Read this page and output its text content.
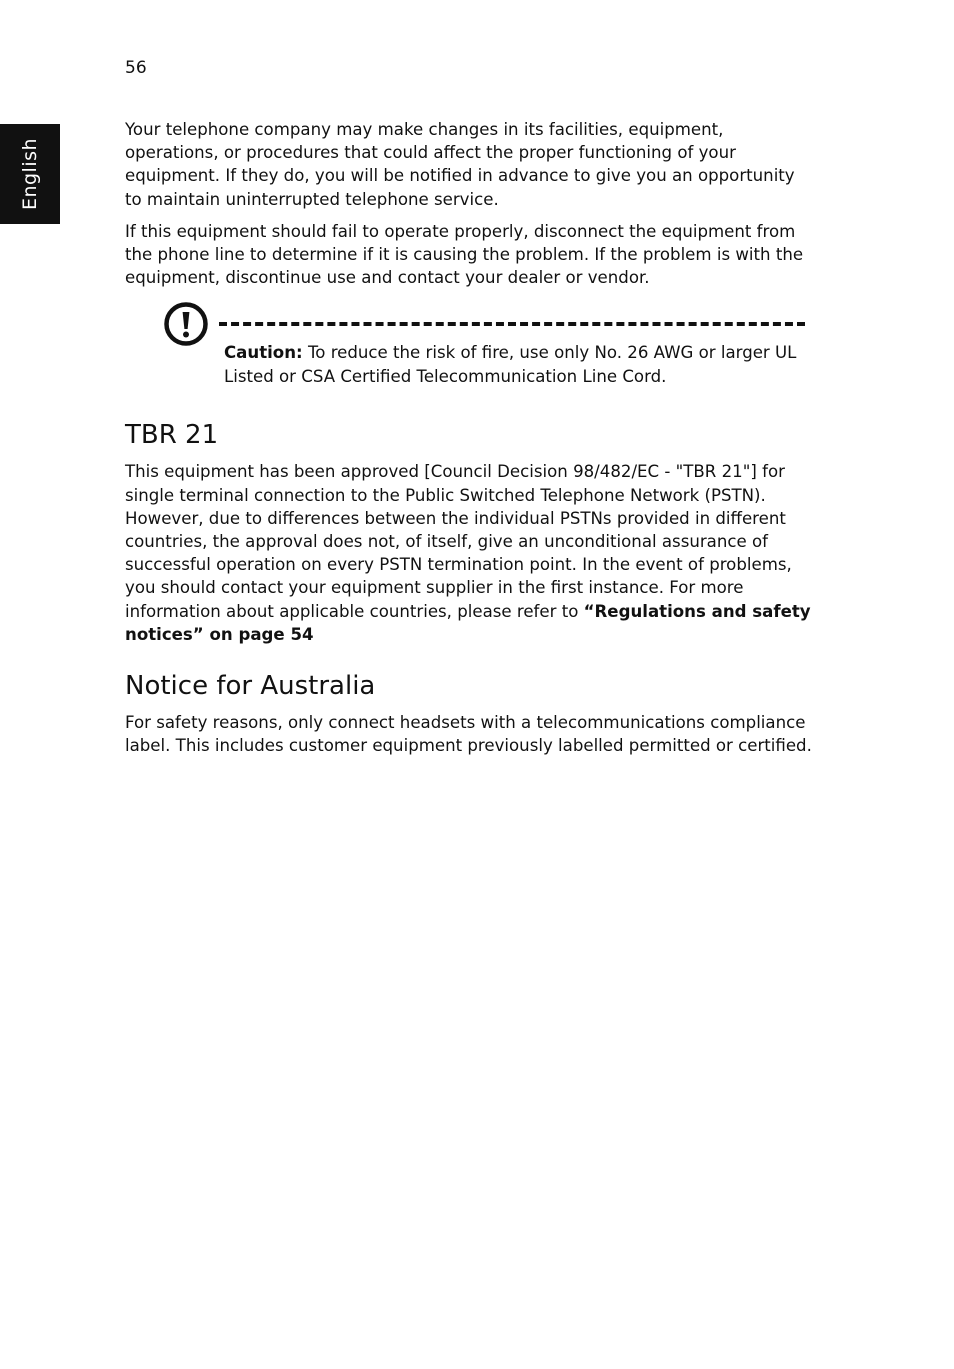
56
English

Your telephone company may make changes in its facilities, equipment, operations, or procedures that could affect the proper functioning of your equipment. If they do, you will be notified in advance to give you an opportunity to maintain uninterrupted telephone service.

If this equipment should fail to operate properly, disconnect the equipment from the phone line to determine if it is causing the problem. If the problem is with the equipment, discontinue use and contact your dealer or vendor.

Caution: To reduce the risk of fire, use only No. 26 AWG or larger UL Listed or CSA Certified Telecommunication Line Cord.

TBR 21

This equipment has been approved [Council Decision 98/482/EC - "TBR 21"] for single terminal connection to the Public Switched Telephone Network (PSTN). However, due to differences between the individual PSTNs provided in different countries, the approval does not, of itself, give an unconditional assurance of successful operation on every PSTN termination point. In the event of problems, you should contact your equipment supplier in the first instance. For more information about applicable countries, please refer to “Regulations and safety notices” on page 54

Notice for Australia

For safety reasons, only connect headsets with a telecommunications compliance label. This includes customer equipment previously labelled permitted or certified.
